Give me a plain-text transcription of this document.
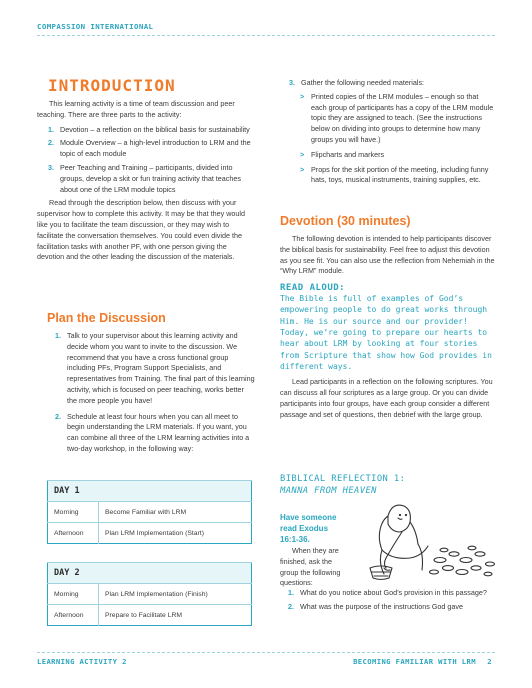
COMPASSION INTERNATIONAL
INTRODUCTION

This learning activity is a time of team discussion and peer teaching. There are three parts to the activity:

1. Devotion – a reflection on the biblical basis for sustainability
2. Module Overview – a high-level introduction to LRM and the topic of each module
3. Peer Teaching and Training – participants, divided into groups, develop a skit or fun training activity that teaches about one of the LRM module topics

Read through the description below, then discuss with your supervisor how to complete this activity. It may be that they would like you to facilitate the team discussion, or they may wish to facilitate the conversation themselves. You could even divide the facilitation tasks with another PF, with one person giving the devotion and the other leading the discussion of the materials.

Plan the Discussion
1. Talk to your supervisor about this learning activity and decide whom you want to invite to the discussion. We recommend that you have a cross functional group including PFs, Program Support Specialists, and representatives from Training. The final part of this learning activity, which is focused on peer teaching, works better the more people you have!
2. Schedule at least four hours when you can all meet to begin understanding the LRM materials. If you want, you can combine all three of the LRM learning activities into a two-day workshop, in the following way:
DAY 1	
Morning	Become Familiar with LRM
Afternoon	Plan LRM Implementation (Start)
DAY 2	
Morning	Plan LRM Implementation (Finish)
Afternoon	Prepare to Facilitate LRM
3. Gather the following needed materials:
> Printed copies of the LRM modules – enough so that each group of participants has a copy of the LRM module topic they are assigned to teach. (See the instructions below on dividing into groups to determine how many groups you will have.)
> Flipcharts and markers
> Props for the skit portion of the meeting, including funny hats, toys, musical instruments, training supplies, etc.
Devotion (30 minutes)

The following devotion is intended to help participants discover the biblical basis for sustainability. Feel free to adjust this devotion as you see fit. You can also use the reflection from Nehemiah in the “Why LRM” module.

READ ALOUD:

The Bible is full of examples of God’s empowering people to do great works through Him. He is our source and our provider! Today, we’re going to prepare our hearts to hear about LRM by looking at four stories from Scripture that show how God provides in different ways.

Lead participants in a reflection on the following scriptures. You can discuss all four scriptures as a large group. Or you can divide participants into four groups, have each group consider a different passage and set of questions, then debrief with the large group.

BIBLICAL REFLECTION 1:
MANNA FROM HEAVEN
Have someone read Exodus 16:1-36.
When they are finished, ask the group the following questions:
1. What do you notice about God’s provision in this passage?
2. What was the purpose of the instructions God gave
LEARNING ACTIVITY 2	BECOMING FAMILIAR WITH LRM 2
